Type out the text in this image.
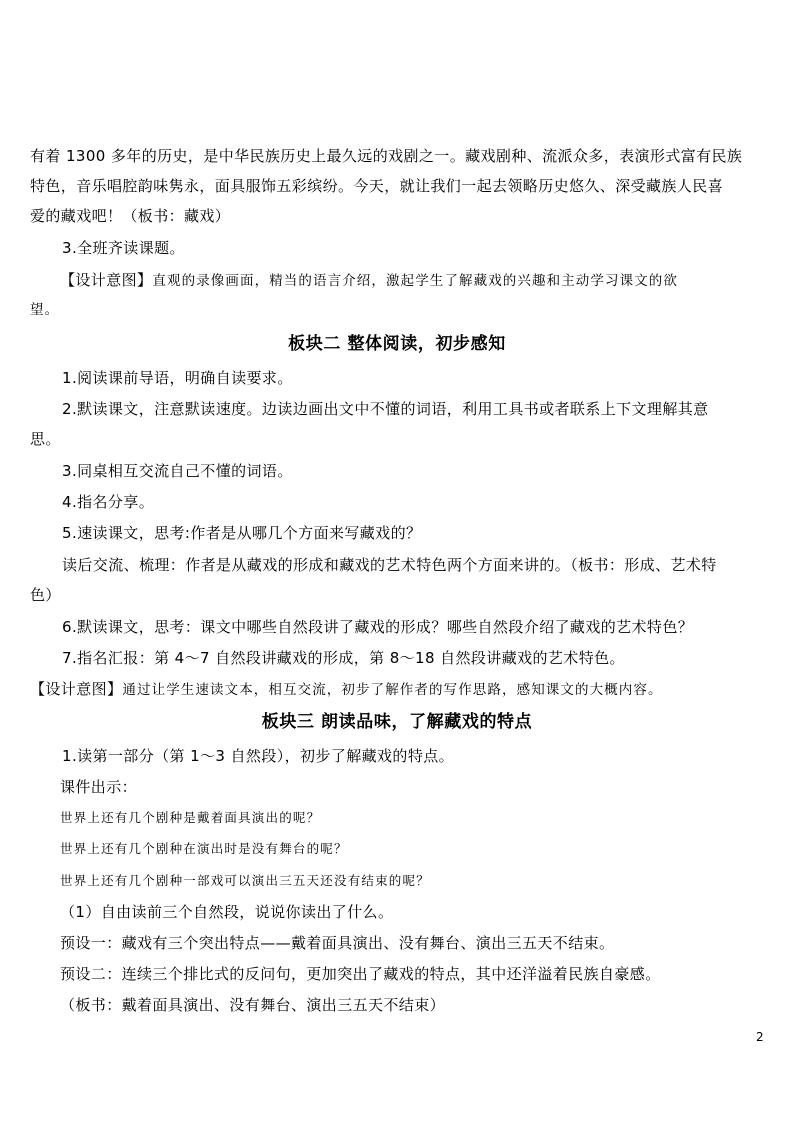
有着 1300 多年的历史，是中华民族历史上最久远的戏剧之一。藏戏剧种、流派众多，表演形式富有民族
特色，音乐唱腔韵味隽永，面具服饰五彩缤纷。今天，就让我们一起去领略历史悠久、深受藏族人民喜
爱的藏戏吧！（板书：藏戏）
3.全班齐读课题。
【设计意图】直观的录像画面，精当的语言介绍，激起学生了解藏戏的兴趣和主动学习课文的欲
望。
板块二 整体阅读，初步感知
1.阅读课前导语，明确自读要求。
2.默读课文，注意默读速度。边读边画出文中不懂的词语，利用工具书或者联系上下文理解其意
思。
3.同桌相互交流自己不懂的词语。
4.指名分享。
5.速读课文，思考:作者是从哪几个方面来写藏戏的？
读后交流、梳理：作者是从藏戏的形成和藏戏的艺术特色两个方面来讲的。（板书：形成、艺术特
色）
6.默读课文，思考：课文中哪些自然段讲了藏戏的形成？哪些自然段介绍了藏戏的艺术特色？
7.指名汇报：第 4～7 自然段讲藏戏的形成，第 8～18 自然段讲藏戏的艺术特色。
【设计意图】通过让学生速读文本，相互交流，初步了解作者的写作思路，感知课文的大概内容。
板块三 朗读品味，了解藏戏的特点
1.读第一部分（第 1～3 自然段），初步了解藏戏的特点。
课件出示：
世界上还有几个剧种是戴着面具演出的呢？
世界上还有几个剧种在演出时是没有舞台的呢？
世界上还有几个剧种一部戏可以演出三五天还没有结束的呢？
（1）自由读前三个自然段，说说你读出了什么。
预设一：藏戏有三个突出特点——戴着面具演出、没有舞台、演出三五天不结束。
预设二：连续三个排比式的反问句，更加突出了藏戏的特点，其中还洋溢着民族自豪感。
（板书：戴着面具演出、没有舞台、演出三五天不结束）
2
